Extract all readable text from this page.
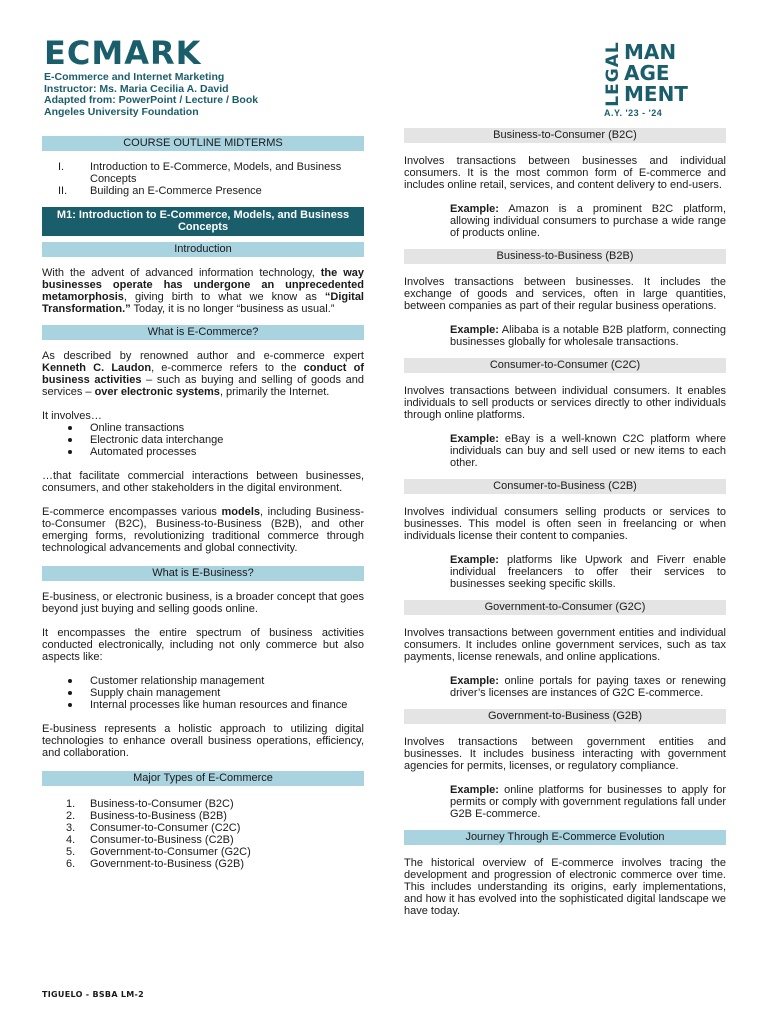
ECMARK
E-Commerce and Internet Marketing
Instructor: Ms. Maria Cecilia A. David
Adapted from: PowerPoint / Lecture / Book
Angeles University Foundation
LEGAL MAN
AGE
MENT
A.Y. '23 - '24
COURSE OUTLINE MIDTERMS
I. Introduction to E-Commerce, Models, and Business Concepts
II. Building an E-Commerce Presence
M1: Introduction to E-Commerce, Models, and Business Concepts
Introduction

With the advent of advanced information technology, the way businesses operate has undergone an unprecedented metamorphosis, giving birth to what we know as “Digital Transformation.” Today, it is no longer “business as usual.”

What is E-Commerce?

As described by renowned author and e-commerce expert Kenneth C. Laudon, e-commerce refers to the conduct of business activities – such as buying and selling of goods and services – over electronic systems, primarily the Internet.

It involves…

Online transactions
Electronic data interchange
Automated processes

…that facilitate commercial interactions between businesses, consumers, and other stakeholders in the digital environment.

E-commerce encompasses various models, including Business-to-Consumer (B2C), Business-to-Business (B2B), and other emerging forms, revolutionizing traditional commerce through technological advancements and global connectivity.

What is E-Business?

E-business, or electronic business, is a broader concept that goes beyond just buying and selling goods online.

It encompasses the entire spectrum of business activities conducted electronically, including not only commerce but also aspects like:

Customer relationship management
Supply chain management
Internal processes like human resources and finance

E-business represents a holistic approach to utilizing digital technologies to enhance overall business operations, efficiency, and collaboration.

Major Types of E-Commerce
1. Business-to-Consumer (B2C)
2. Business-to-Business (B2B)
3. Consumer-to-Consumer (C2C)
4. Consumer-to-Business (C2B)
5. Government-to-Consumer (G2C)
6. Government-to-Business (G2B)
Business-to-Consumer (B2C)

Involves transactions between businesses and individual consumers. It is the most common form of E-commerce and includes online retail, services, and content delivery to end-users.

Example: Amazon is a prominent B2C platform, allowing individual consumers to purchase a wide range of products online.

Business-to-Business (B2B)

Involves transactions between businesses. It includes the exchange of goods and services, often in large quantities, between companies as part of their regular business operations.

Example: Alibaba is a notable B2B platform, connecting businesses globally for wholesale transactions.

Consumer-to-Consumer (C2C)

Involves transactions between individual consumers. It enables individuals to sell products or services directly to other individuals through online platforms.

Example: eBay is a well-known C2C platform where individuals can buy and sell used or new items to each other.

Consumer-to-Business (C2B)

Involves individual consumers selling products or services to businesses. This model is often seen in freelancing or when individuals license their content to companies.

Example: platforms like Upwork and Fiverr enable individual freelancers to offer their services to businesses seeking specific skills.

Government-to-Consumer (G2C)

Involves transactions between government entities and individual consumers. It includes online government services, such as tax payments, license renewals, and online applications.

Example: online portals for paying taxes or renewing driver’s licenses are instances of G2C E-commerce.

Government-to-Business (G2B)

Involves transactions between government entities and businesses. It includes business interacting with government agencies for permits, licenses, or regulatory compliance.

Example: online platforms for businesses to apply for permits or comply with government regulations fall under G2B E-commerce.

Journey Through E-Commerce Evolution

The historical overview of E-commerce involves tracing the development and progression of electronic commerce over time. This includes understanding its origins, early implementations, and how it has evolved into the sophisticated digital landscape we have today.

TIGUELO - BSBA LM-2
